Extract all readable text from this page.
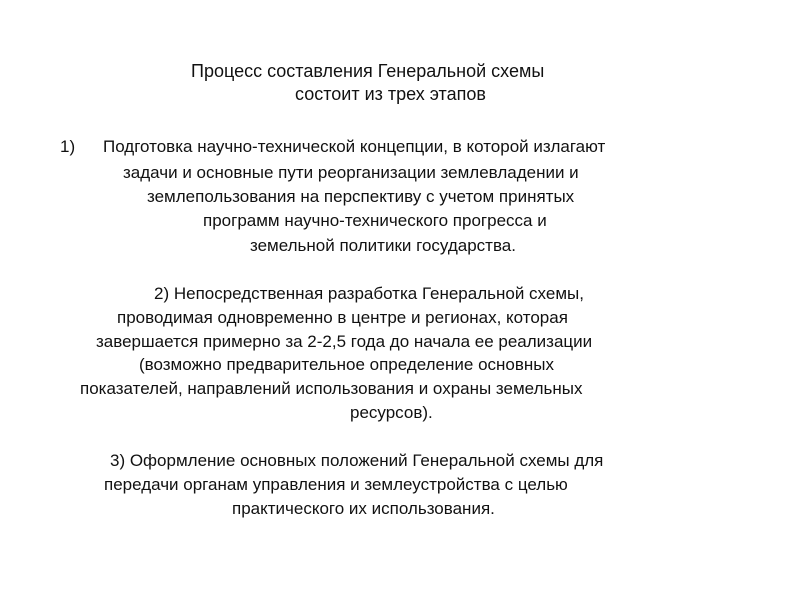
Процесс составления Генеральной схемы

состоит из трех этапов

1) Подготовка научно-технической концепции, в которой излагают

задачи и основные пути реорганизации землевладении и

землепользования на перспективу с учетом принятых

программ научно-технического прогресса и

земельной политики государства.

2) Непосредственная разработка Генеральной схемы,

проводимая одновременно в центре и регионах, которая

завершается примерно за 2-2,5 года до начала ее реализации

(возможно предварительное определение основных

показателей, направлений использования и охраны земельных

ресурсов).

3) Оформление основных положений Генеральной схемы для

передачи органам управления и землеустройства с целью

практического их использования.
